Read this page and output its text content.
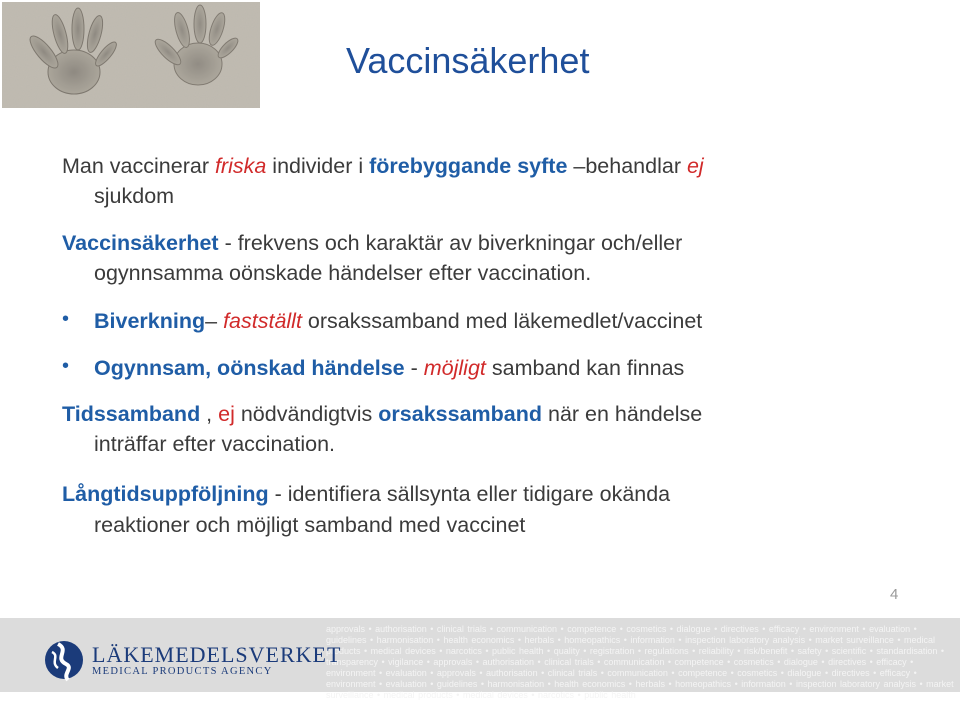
Vaccinsäkerhet
Man vaccinerar friska individer i förebyggande syfte –behandlar ej
sjukdom
Vaccinsäkerhet - frekvens och karaktär av biverkningar och/eller
ogynnsamma oönskade händelser efter vaccination.
• Biverkning– fastställt orsakssamband med läkemedlet/vaccinet
• Ogynnsam, oönskad händelse - möjligt samband kan finnas
Tidssamband , ej nödvändigtvis orsakssamband när en händelse
inträffar efter vaccination.
Långtidsuppföljning - identifiera sällsynta eller tidigare okända
reaktioner och möjligt samband med vaccinet
4
approvals • authorisation • clinical trials • communication • competence • cosmetics • dialogue • directives • efficacy • environment • evaluation • guidelines • harmonisation • health economics • herbals • homeopathics • information • inspection laboratory analysis • market surveillance • medical products • medical devices • narcotics • public health • quality • registration • regulations • reliability • risk/benefit • safety • scientific • standardisation • transparency • vigilance • approvals • authorisation • clinical trials • communication • competence • cosmetics • dialogue • directives • efficacy • environment • evaluation • approvals • authorisation • clinical trials • communication • competence • cosmetics • dialogue • directives • efficacy • environment • evaluation • guidelines • harmonisation • health economics • herbals • homeopathics • information • inspection laboratory analysis • market surveillance • medical products • medical devices • narcotics • public health
LÄKEMEDELSVERKET
MEDICAL PRODUCTS AGENCY
